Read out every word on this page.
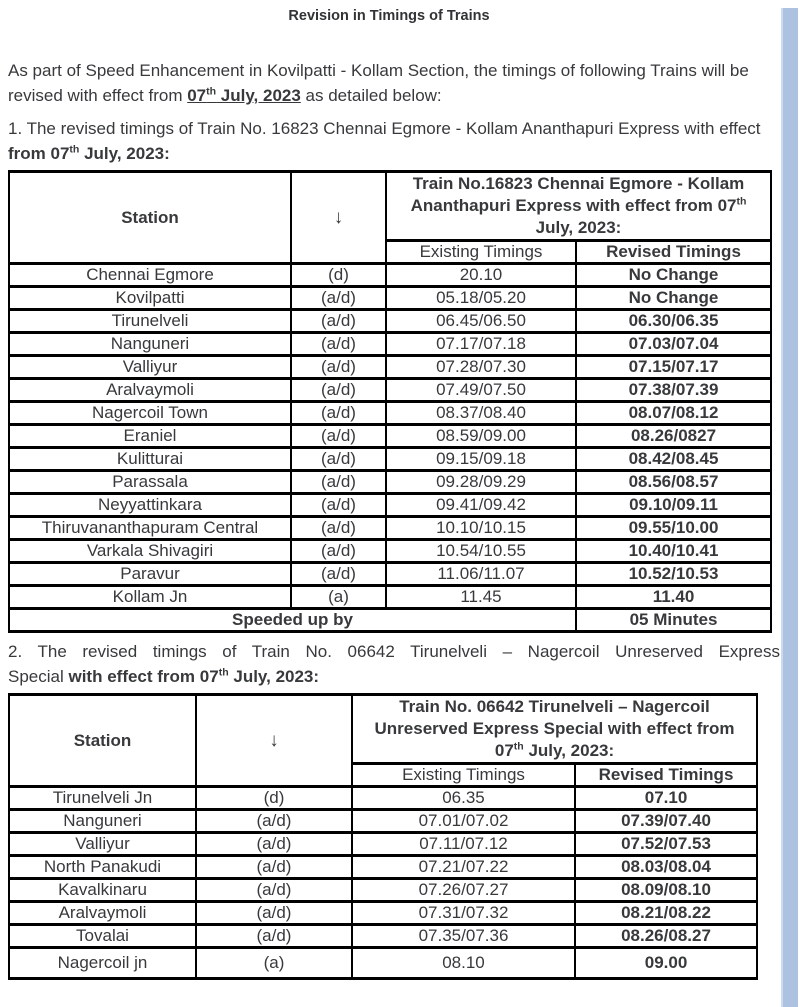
Revision in Timings of Trains

As part of Speed Enhancement in Kovilpatti - Kollam Section, the timings of following Trains will be revised with effect from 07th July, 2023 as detailed below:

1. The revised timings of Train No. 16823 Chennai Egmore - Kollam Ananthapuri Express with effect from 07th July, 2023:

Station	↓	Train No.16823 Chennai Egmore - Kollam Ananthapuri Express with effect from 07th July, 2023:	
		Existing Timings	Revised Timings
Chennai Egmore	(d)	20.10	No Change
Kovilpatti	(a/d)	05.18/05.20	No Change
Tirunelveli	(a/d)	06.45/06.50	06.30/06.35
Nanguneri	(a/d)	07.17/07.18	07.03/07.04
Valliyur	(a/d)	07.28/07.30	07.15/07.17
Aralvaymoli	(a/d)	07.49/07.50	07.38/07.39
Nagercoil Town	(a/d)	08.37/08.40	08.07/08.12
Eraniel	(a/d)	08.59/09.00	08.26/0827
Kulitturai	(a/d)	09.15/09.18	08.42/08.45
Parassala	(a/d)	09.28/09.29	08.56/08.57
Neyyattinkara	(a/d)	09.41/09.42	09.10/09.11
Thiruvananthapuram Central	(a/d)	10.10/10.15	09.55/10.00
Varkala Shivagiri	(a/d)	10.54/10.55	10.40/10.41
Paravur	(a/d)	11.06/11.07	10.52/10.53
Kollam Jn	(a)	11.45	11.40
Speeded up by			05 Minutes

2. The revised timings of Train No. 06642 Tirunelveli – Nagercoil Unreserved Express
Special with effect from 07th July, 2023:

Station	↓	Train No. 06642 Tirunelveli – Nagercoil Unreserved Express Special with effect from 07th July, 2023:	
		Existing Timings	Revised Timings
Tirunelveli Jn	(d)	06.35	07.10
Nanguneri	(a/d)	07.01/07.02	07.39/07.40
Valliyur	(a/d)	07.11/07.12	07.52/07.53
North Panakudi	(a/d)	07.21/07.22	08.03/08.04
Kavalkinaru	(a/d)	07.26/07.27	08.09/08.10
Aralvaymoli	(a/d)	07.31/07.32	08.21/08.22
Tovalai	(a/d)	07.35/07.36	08.26/08.27
Nagercoil jn	(a)	08.10	09.00
